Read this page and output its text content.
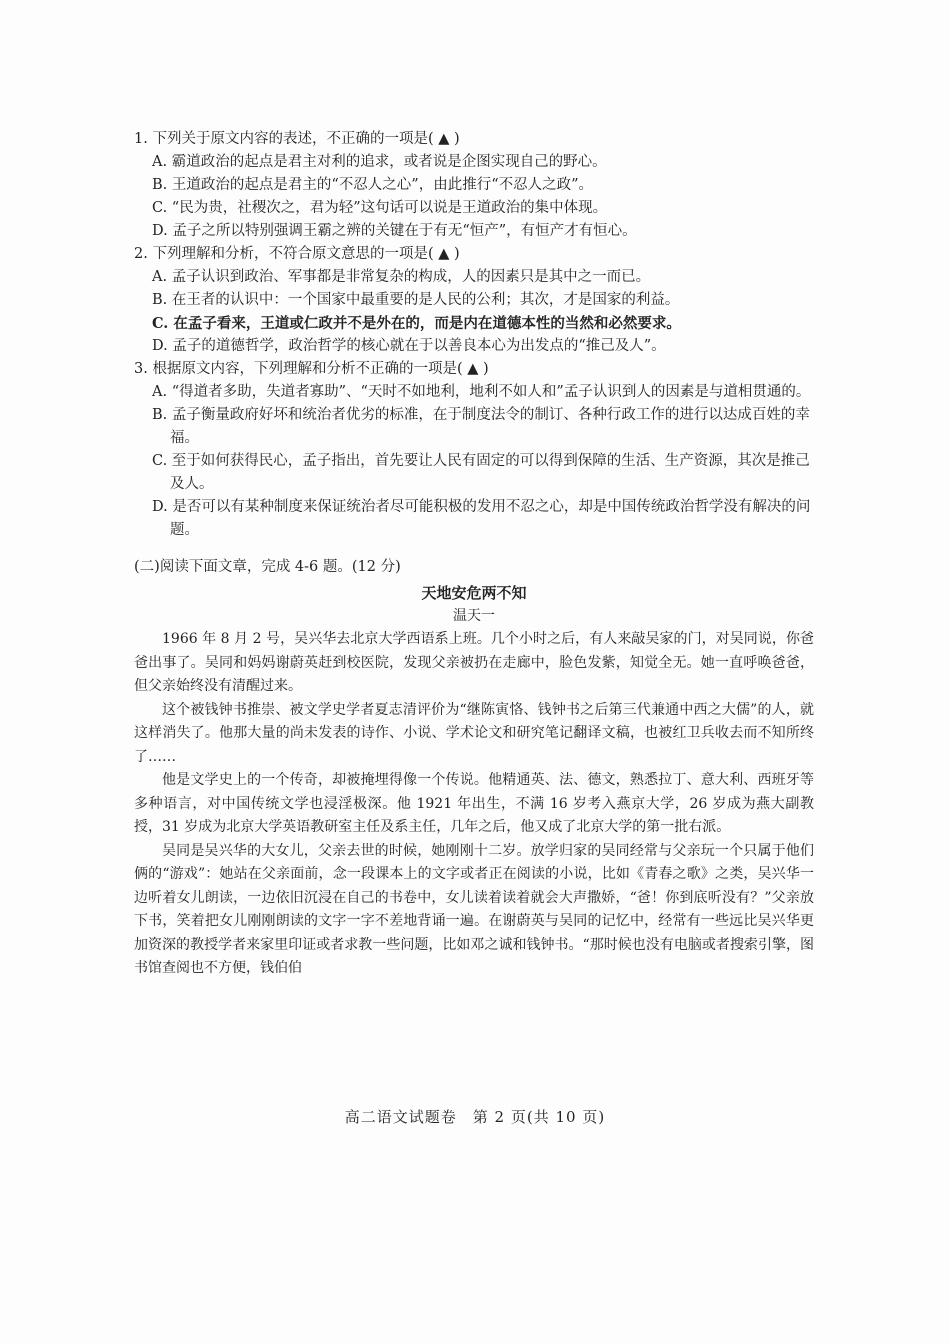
1. 下列关于原文内容的表述，不正确的一项是( ▲ )

A. 霸道政治的起点是君主对利的追求，或者说是企图实现自己的野心。

B. 王道政治的起点是君主的“不忍人之心”，由此推行“不忍人之政”。

C. “民为贵，社稷次之，君为轻”这句话可以说是王道政治的集中体现。

D. 孟子之所以特别强调王霸之辨的关键在于有无“恒产”，有恒产才有恒心。

2. 下列理解和分析，不符合原文意思的一项是( ▲ )

A. 孟子认识到政治、军事都是非常复杂的构成，人的因素只是其中之一而已。

B. 在王者的认识中：一个国家中最重要的是人民的公利；其次，才是国家的利益。

C. 在孟子看来，王道或仁政并不是外在的，而是内在道德本性的当然和必然要求。

D. 孟子的道德哲学，政治哲学的核心就在于以善良本心为出发点的“推己及人”。

3. 根据原文内容，下列理解和分析不正确的一项是( ▲ )

A. “得道者多助，失道者寡助”、“天时不如地利，地利不如人和”孟子认识到人的因素是与道相贯通的。

B. 孟子衡量政府好坏和统治者优劣的标准，在于制度法令的制订、各种行政工作的进行以达成百姓的幸福。

C. 至于如何获得民心，孟子指出，首先要让人民有固定的可以得到保障的生活、生产资源，其次是推己及人。

D. 是否可以有某种制度来保证统治者尽可能积极的发用不忍之心，却是中国传统政治哲学没有解决的问题。

(二)阅读下面文章，完成 4-6 题。(12 分)

天地安危两不知

温天一

1966 年 8 月 2 号，吴兴华去北京大学西语系上班。几个小时之后，有人来敲吴家的门，对吴同说，你爸爸出事了。吴同和妈妈谢蔚英赶到校医院，发现父亲被扔在走廊中，脸色发紫，知觉全无。她一直呼唤爸爸，但父亲始终没有清醒过来。

这个被钱钟书推崇、被文学史学者夏志清评价为“继陈寅恪、钱钟书之后第三代兼通中西之大儒”的人，就这样消失了。他那大量的尚未发表的诗作、小说、学术论文和研究笔记翻译文稿，也被红卫兵收去而不知所终了……

他是文学史上的一个传奇，却被掩埋得像一个传说。他精通英、法、德文，熟悉拉丁、意大利、西班牙等多种语言，对中国传统文学也浸淫极深。他 1921 年出生，不满 16 岁考入燕京大学，26 岁成为燕大副教授，31 岁成为北京大学英语教研室主任及系主任，几年之后，他又成了北京大学的第一批右派。

吴同是吴兴华的大女儿，父亲去世的时候，她刚刚十二岁。放学归家的吴同经常与父亲玩一个只属于他们俩的“游戏”：她站在父亲面前，念一段课本上的文字或者正在阅读的小说，比如《青春之歌》之类，吴兴华一边听着女儿朗读，一边依旧沉浸在自己的书卷中，女儿读着读着就会大声撒娇，“爸！你到底听没有？”父亲放下书，笑着把女儿刚刚朗读的文字一字不差地背诵一遍。在谢蔚英与吴同的记忆中，经常有一些远比吴兴华更加资深的教授学者来家里印证或者求教一些问题，比如邓之诚和钱钟书。“那时候也没有电脑或者搜索引擎，图书馆查阅也不方便，钱伯伯

高二语文试题卷　第 2 页(共 10 页)
